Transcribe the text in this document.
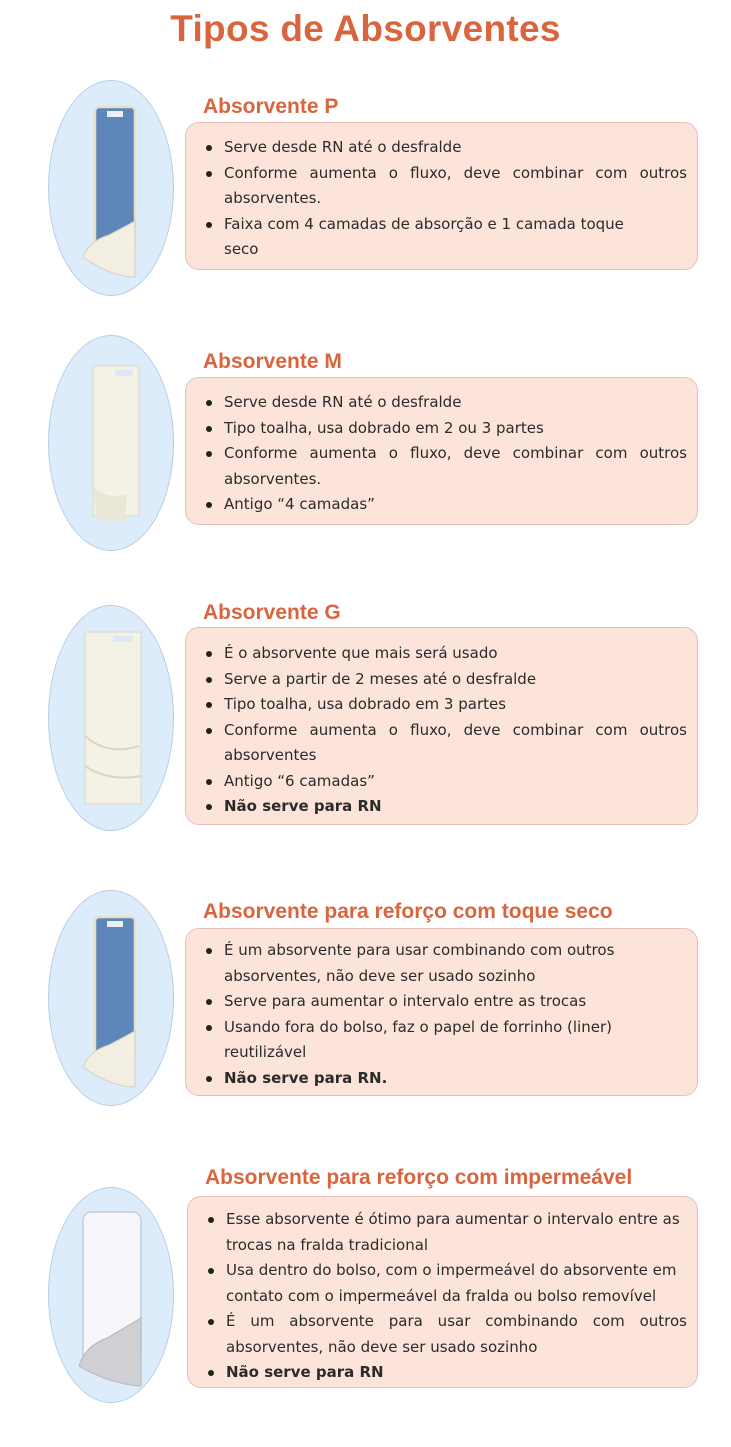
Tipos de Absorventes
Absorvente P
Serve desde RN até o desfralde
Conforme aumenta o fluxo, deve combinar com outros absorventes.
Faixa com 4 camadas de absorção e 1 camada toque seco
Absorvente M
Serve desde RN até o desfralde
Tipo toalha, usa dobrado em 2 ou 3 partes
Conforme aumenta o fluxo, deve combinar com outros absorventes.
Antigo “4 camadas”
Absorvente G
É o absorvente que mais será usado
Serve a partir de 2 meses até o desfralde
Tipo toalha, usa dobrado em 3 partes
Conforme aumenta o fluxo, deve combinar com outros absorventes
Antigo “6 camadas”
Não serve para RN
Absorvente para reforço com toque seco
É um absorvente para usar combinando com outros absorventes, não deve ser usado sozinho
Serve para aumentar o intervalo entre as trocas
Usando fora do bolso, faz o papel de forrinho (liner) reutilizável
Não serve para RN.
Absorvente para reforço com impermeável
Esse absorvente é ótimo para aumentar o intervalo entre as trocas na fralda tradicional
Usa dentro do bolso, com o impermeável do absorvente em contato com o impermeável da fralda ou bolso removível
É um absorvente para usar combinando com outros absorventes, não deve ser usado sozinho
Não serve para RN
